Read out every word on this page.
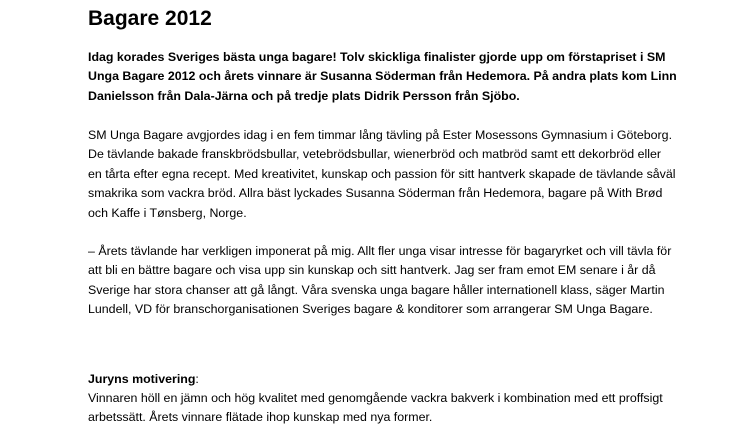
Bagare 2012

Idag korades Sveriges bästa unga bagare! Tolv skickliga finalister gjorde upp om förstapriset i SM Unga Bagare 2012 och årets vinnare är Susanna Söderman från Hedemora. På andra plats kom Linn Danielsson från Dala-Järna och på tredje plats Didrik Persson från Sjöbo.

SM Unga Bagare avgjordes idag i en fem timmar lång tävling på Ester Mosessons Gymnasium i Göteborg. De tävlande bakade franskbrödsbullar, vetebrödsbullar, wienerbröd och matbröd samt ett dekorbröd eller en tårta efter egna recept. Med kreativitet, kunskap och passion för sitt hantverk skapade de tävlande såväl smakrika som vackra bröd. Allra bäst lyckades Susanna Söderman från Hedemora, bagare på With Brød och Kaffe i Tønsberg, Norge.

– Årets tävlande har verkligen imponerat på mig. Allt fler unga visar intresse för bagaryrket och vill tävla för att bli en bättre bagare och visa upp sin kunskap och sitt hantverk. Jag ser fram emot EM senare i år då Sverige har stora chanser att gå långt. Våra svenska unga bagare håller internationell klass, säger Martin Lundell, VD för branschorganisationen Sveriges bagare & konditorer som arrangerar SM Unga Bagare.

Juryns motivering:

Vinnaren höll en jämn och hög kvalitet med genomgående vackra bakverk i kombination med ett proffsigt arbetssätt. Årets vinnare flätade ihop kunskap med nya former.
